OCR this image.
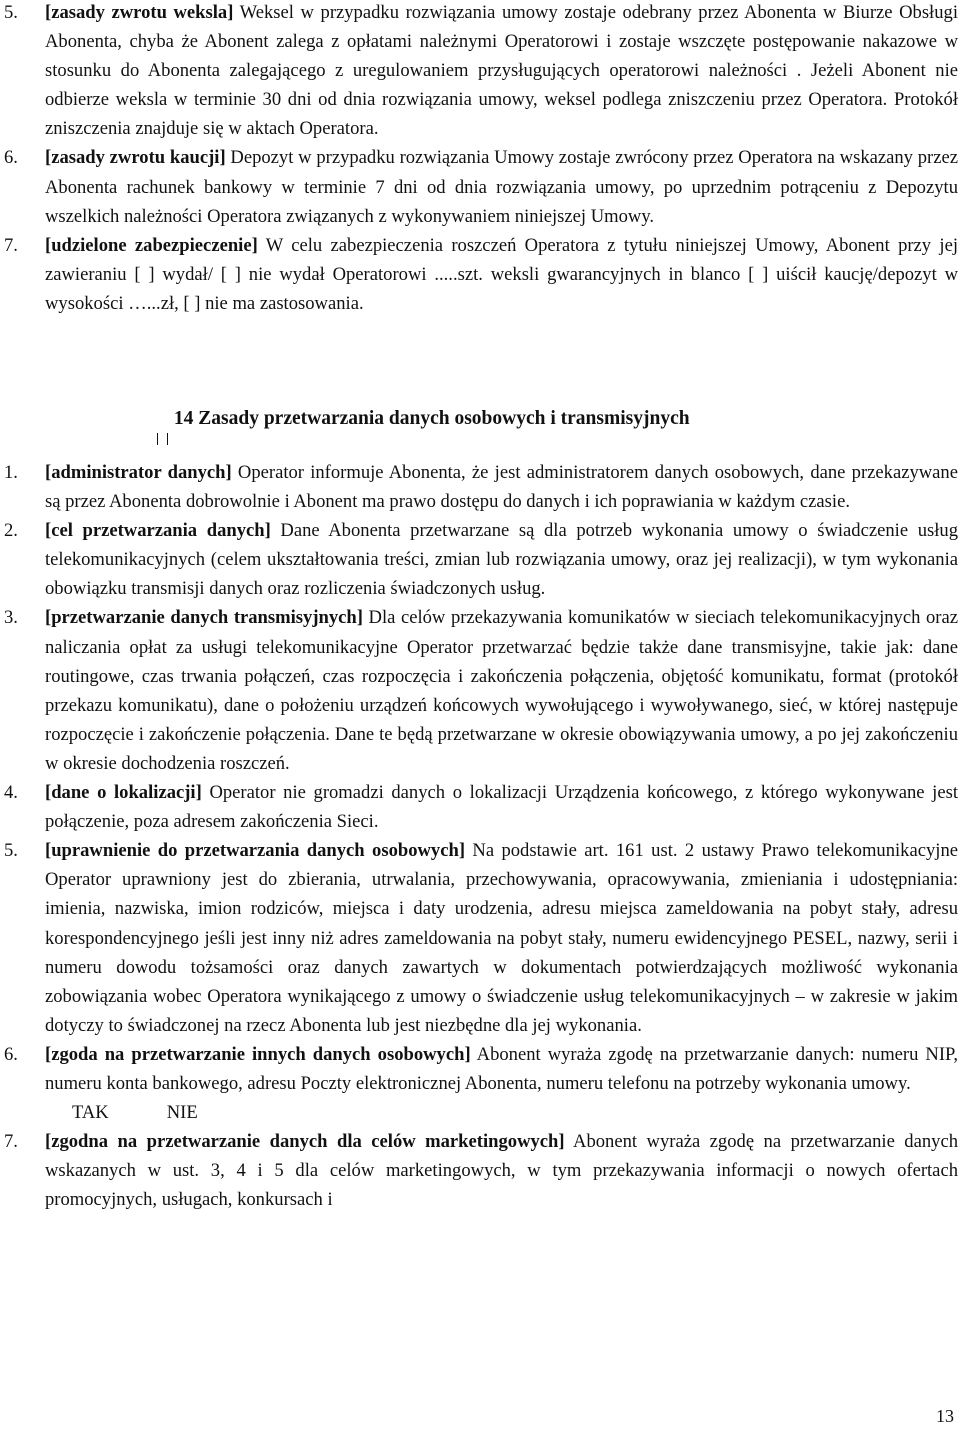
5.	[zasady zwrotu weksla] Weksel w przypadku rozwiązania umowy zostaje odebrany przez Abonenta w Biurze Obsługi Abonenta, chyba że Abonent zalega z opłatami należnymi Operatorowi i zostaje wszczęte postępowanie nakazowe w stosunku do Abonenta zalegającego z uregulowaniem przysługujących operatorowi należności . Jeżeli Abonent nie odbierze weksla w terminie 30 dni od dnia rozwiązania umowy, weksel podlega zniszczeniu przez Operatora. Protokół zniszczenia znajduje się w aktach Operatora.
6.	[zasady zwrotu kaucji] Depozyt w przypadku rozwiązania Umowy zostaje zwrócony przez Operatora na wskazany przez Abonenta rachunek bankowy w terminie 7 dni od dnia rozwiązania umowy, po uprzednim potrąceniu z Depozytu wszelkich należności Operatora związanych z wykonywaniem niniejszej Umowy.
7.	[udzielone zabezpieczenie] W celu zabezpieczenia roszczeń Operatora z tytułu niniejszej Umowy, Abonent przy jej zawieraniu [ ] wydał/ [ ] nie wydał Operatorowi .....szt. weksli gwarancyjnych in blanco [ ] uiścił kaucję/depozyt w wysokości …...zł, [ ] nie ma zastosowania.
14 Zasady przetwarzania danych osobowych i transmisyjnych
1.	[administrator danych] Operator informuje Abonenta, że jest administratorem danych osobowych, dane przekazywane są przez Abonenta dobrowolnie i Abonent ma prawo dostępu do danych i ich poprawiania w każdym czasie.
2.	[cel przetwarzania danych] Dane Abonenta przetwarzane są dla potrzeb wykonania umowy o świadczenie usług telekomunikacyjnych (celem ukształtowania treści, zmian lub rozwiązania umowy, oraz jej realizacji), w tym wykonania obowiązku transmisji danych oraz rozliczenia świadczonych usług.
3.	[przetwarzanie danych transmisyjnych] Dla celów przekazywania komunikatów w sieciach telekomunikacyjnych oraz naliczania opłat za usługi telekomunikacyjne Operator przetwarzać będzie także dane transmisyjne, takie jak: dane routingowe, czas trwania połączeń, czas rozpoczęcia i zakończenia połączenia, objętość komunikatu, format (protokół przekazu komunikatu), dane o położeniu urządzeń końcowych wywołującego i wywoływanego, sieć, w której następuje rozpoczęcie i zakończenie połączenia. Dane te będą przetwarzane w okresie obowiązywania umowy, a po jej zakończeniu w okresie dochodzenia roszczeń.
4.	[dane o lokalizacji] Operator nie gromadzi danych o lokalizacji Urządzenia końcowego, z którego wykonywane jest połączenie, poza adresem zakończenia Sieci.
5.	[uprawnienie do przetwarzania danych osobowych] Na podstawie art. 161 ust. 2 ustawy Prawo telekomunikacyjne Operator uprawniony jest do zbierania, utrwalania, przechowywania, opracowywania, zmieniania i udostępniania: imienia, nazwiska, imion rodziców, miejsca i daty urodzenia, adresu miejsca zameldowania na pobyt stały, adresu korespondencyjnego jeśli jest inny niż adres zameldowania na pobyt stały, numeru ewidencyjnego PESEL, nazwy, serii i numeru dowodu tożsamości oraz danych zawartych w dokumentach potwierdzających możliwość wykonania zobowiązania wobec Operatora wynikającego z umowy o świadczenie usług telekomunikacyjnych – w zakresie w jakim dotyczy to świadczonej na rzecz Abonenta lub jest niezbędne dla jej wykonania.
6.	[zgoda na przetwarzanie innych danych osobowych] Abonent wyraża zgodę na przetwarzanie danych: numeru NIP, numeru konta bankowego, adresu Poczty elektronicznej Abonenta, numeru telefonu na potrzeby wykonania umowy.
TAK	NIE
7.	[zgodna na przetwarzanie danych dla celów marketingowych] Abonent wyraża zgodę na przetwarzanie danych wskazanych w ust. 3, 4 i 5 dla celów marketingowych, w tym przekazywania informacji o nowych ofertach promocyjnych, usługach, konkursach i
13
